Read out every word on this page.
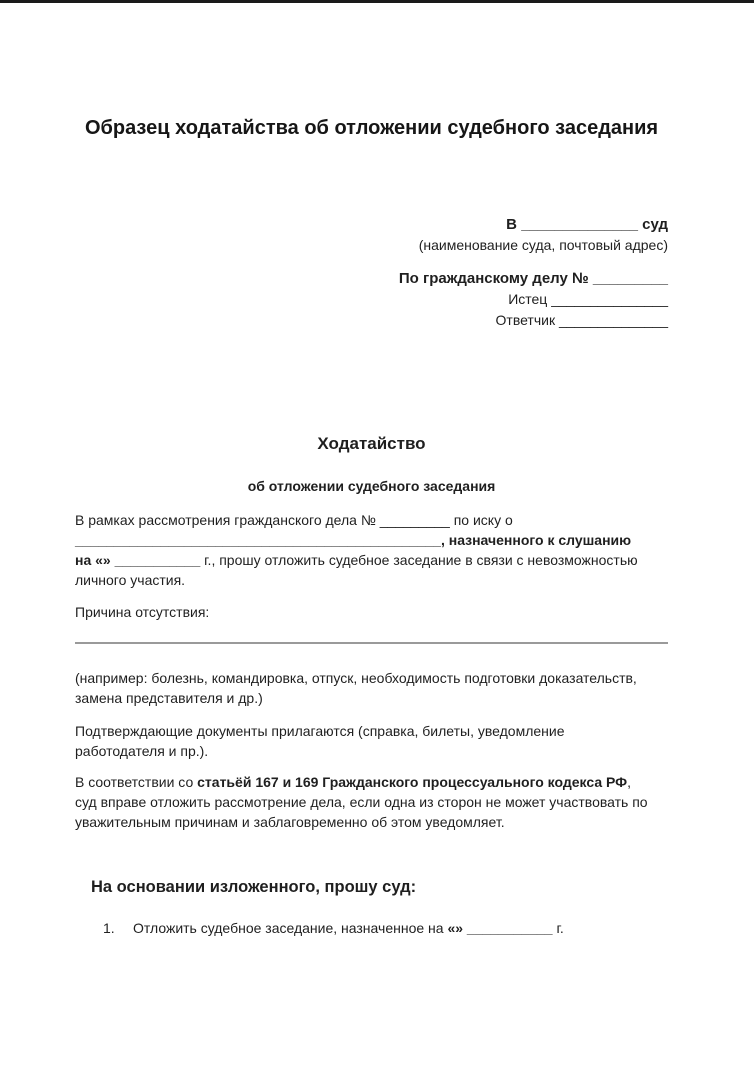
Образец ходатайства об отложении судебного заседания
В ______________ суд
(наименование суда, почтовый адрес)
По гражданскому делу № _________
Истец _______________
Ответчик ______________
Ходатайство
об отложении судебного заседания
В рамках рассмотрения гражданского дела № _________ по иску о
_______________________________________________, назначенного к слушанию
на «» ___________ г., прошу отложить судебное заседание в связи с невозможностью
личного участия.
Причина отсутствия:
(например: болезнь, командировка, отпуск, необходимость подготовки доказательств,
замена представителя и др.)
Подтверждающие документы прилагаются (справка, билеты, уведомление
работодателя и пр.).
В соответствии со статьёй 167 и 169 Гражданского процессуального кодекса РФ,
суд вправе отложить рассмотрение дела, если одна из сторон не может участвовать по
уважительным причинам и заблаговременно об этом уведомляет.
На основании изложенного, прошу суд:
1.	Отложить судебное заседание, назначенное на «» ___________ г.
